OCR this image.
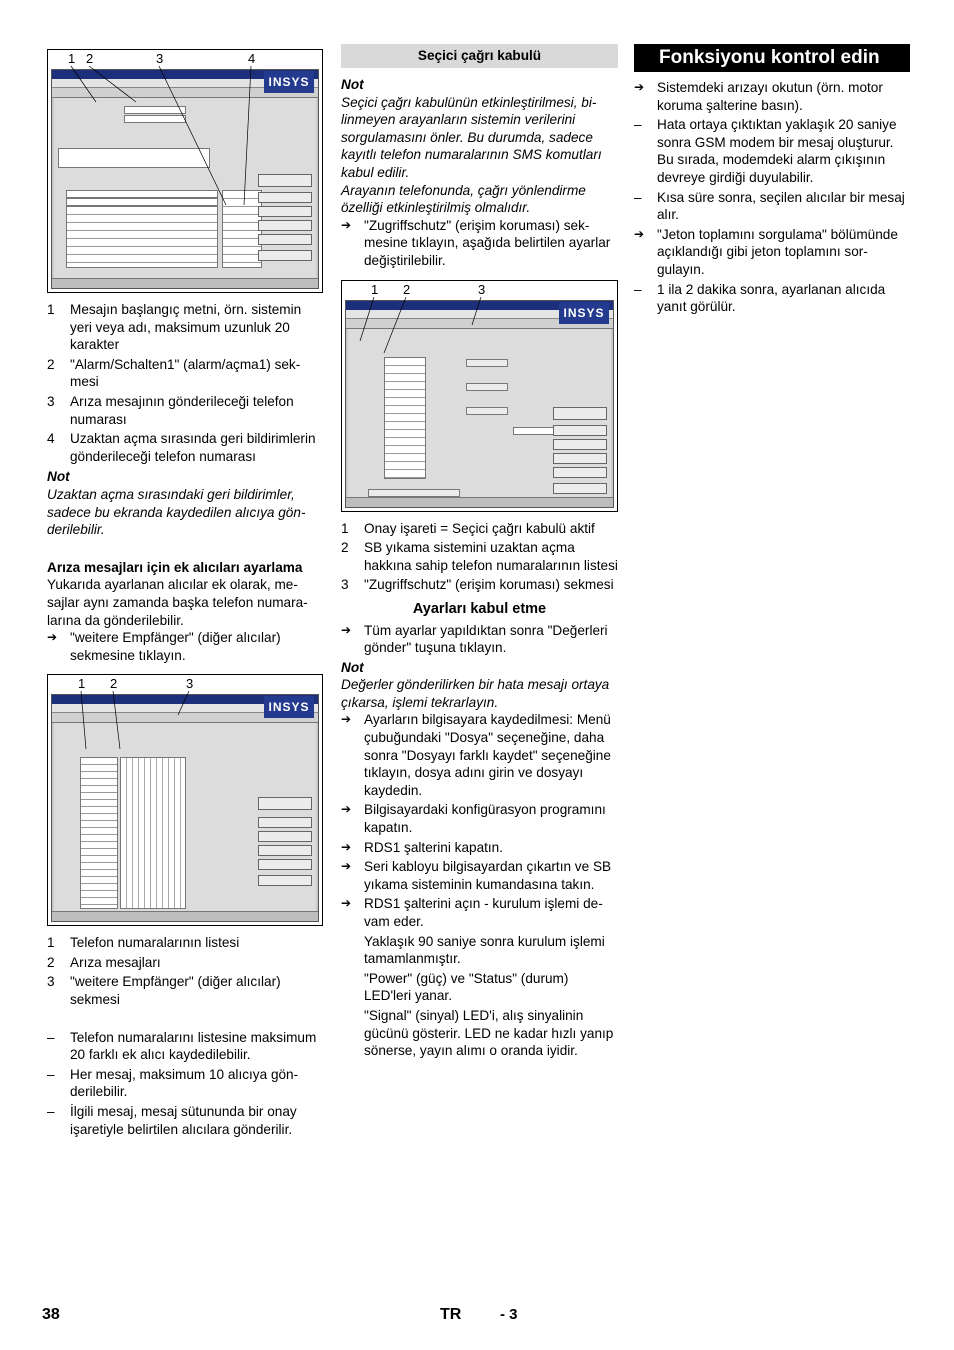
1 2	3	4
INSYS
1	Mesajın başlangıç metni, örn. sistemin yeri veya adı, maksimum uzunluk 20 karakter
2	"Alarm/Schalten1" (alarm/açma1) sekmesi
3	Arıza mesajının gönderileceği telefon numarası
4	Uzaktan açma sırasında geri bildirimlerin gönderileceği telefon numarası

Not

Uzaktan açma sırasındaki geri bildirimler, sadece bu ekranda kaydedilen alıcıya gönderilebilir.

Arıza mesajları için ek alıcıları ayarlama

Yukarıda ayarlanan alıcılar ek olarak, mesajlar aynı zamanda başka telefon numaralarına da gönderilebilir.

➔ "weitere Empfänger" (diğer alıcılar) sekmesine tıklayın.
1 2	3
INSYS
1	Telefon numaralarının listesi
2	Arıza mesajları
3	"weitere Empfänger" (diğer alıcılar) sekmesi
–	Telefon numaralarını listesine maksimum 20 farklı ek alıcı kaydedilebilir.
–	Her mesaj, maksimum 10 alıcıya gönderilebilir.
–	İlgili mesaj, mesaj sütununda bir onay işaretiyle belirtilen alıcılara gönderilir.
Seçici çağrı kabulü

Not

Seçici çağrı kabulünün etkinleştirilmesi, bilinmeyen arayanların sistemin verilerini sorgulamasını önler. Bu durumda, sadece kayıtlı telefon numaralarının SMS komutları kabul edilir.

Arayanın telefonunda, çağrı yönlendirme özelliği etkinleştirilmiş olmalıdır.

➔ "Zugriffschutz" (erişim koruması) sekmesine tıklayın, aşağıda belirtilen ayarlar değiştirilebilir.
1 2	3
INSYS
1	Onay işareti = Seçici çağrı kabulü aktif
2	SB yıkama sistemini uzaktan açma hakkına sahip telefon numaralarının listesi
3	"Zugriffschutz" (erişim koruması) sekmesi
Ayarları kabul etme
➔ Tüm ayarlar yapıldıktan sonra "Değerleri gönder" tuşuna tıklayın.

Not

Değerler gönderilirken bir hata mesajı ortaya çıkarsa, işlemi tekrarlayın.

➔ Ayarların bilgisayara kaydedilmesi: Menü çubuğundaki "Dosya" seçeneğine, daha sonra "Dosyayı farklı kaydet" seçeneğine tıklayın, dosya adını girin ve dosyayı kaydedin.
➔ Bilgisayardaki konfigürasyon programını kapatın.
➔ RDS1 şalterini kapatın.
➔ Seri kabloyu bilgisayardan çıkartın ve SB yıkama sisteminin kumandasına takın.
➔ RDS1 şalterini açın - kurulum işlemi devam eder.

Yaklaşık 90 saniye sonra kurulum işlemi tamamlanmıştır.

"Power" (güç) ve "Status" (durum) LED'leri yanar.

"Signal" (sinyal) LED'i, alış sinyalinin gücünü gösterir. LED ne kadar hızlı yanıp sönerse, yayın alımı o oranda iyidir.

Fonksiyonu kontrol edin
➔ Sistemdeki arızayı okutun (örn. motor koruma şalterine basın).
–	Hata ortaya çıktıktan yaklaşık 20 saniye sonra GSM modem bir mesaj oluşturur. Bu sırada, modemdeki alarm çıkışının devreye girdiği duyulabilir.
–	Kısa süre sonra, seçilen alıcılar bir mesaj alır.
➔ "Jeton toplamını sorgulama" bölümünde açıklandığı gibi jeton toplamını sorgulayın.
–	1 ila 2 dakika sonra, ayarlanan alıcıda yanıt görülür.
38	TR	- 3
